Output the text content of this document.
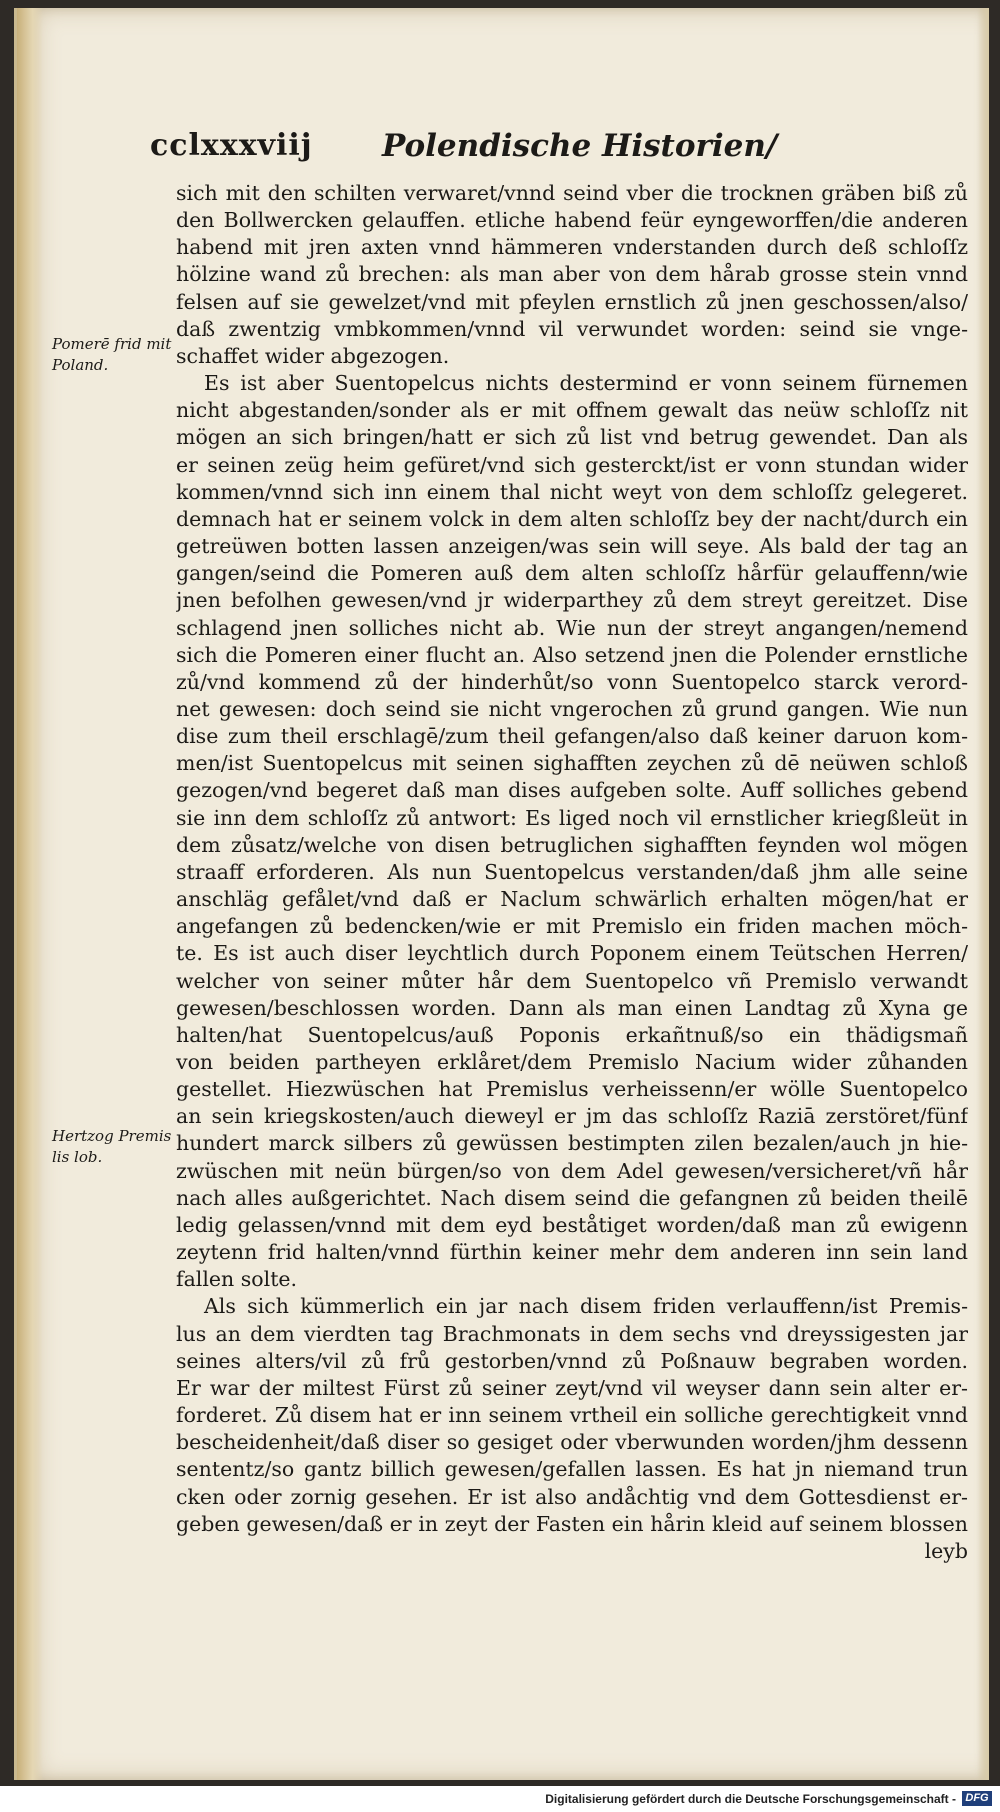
cclxxxviij Polendische Historien/
Pomerē frid mit Poland.
Hertzog Premis lis lob.
sich mit den schilten verwaret/vnnd seind vber die trocknen gräben biß zů
den Bollwercken gelauffen. etliche habend feür eyngeworffen/die anderen
habend mit jren axten vnnd hämmeren vnderstanden durch deß schloſſz
hölzine wand zů brechen: als man aber von dem hårab grosse stein vnnd
felsen auf sie gewelzet/vnd mit pfeylen ernstlich zů jnen geschossen/also/
daß zwentzig vmbkommen/vnnd vil verwundet worden: seind sie vnge-
schaffet wider abgezogen.
Es ist aber Suentopelcus nichts destermind er vonn seinem fürnemen
nicht abgestanden/sonder als er mit offnem gewalt das neüw schloſſz nit
mögen an sich bringen/hatt er sich zů list vnd betrug gewendet. Dan als
er seinen zeüg heim gefüret/vnd sich gesterckt/ist er vonn stundan wider
kommen/vnnd sich inn einem thal nicht weyt von dem schloſſz gelegeret.
demnach hat er seinem volck in dem alten schloſſz bey der nacht/durch ein
getreüwen botten lassen anzeigen/was sein will seye. Als bald der tag an
gangen/seind die Pomeren auß dem alten schloſſz hårfür gelauffenn/wie
jnen befolhen gewesen/vnd jr widerparthey zů dem streyt gereitzet. Dise
schlagend jnen solliches nicht ab. Wie nun der streyt angangen/nemend
sich die Pomeren einer flucht an. Also setzend jnen die Polender ernstliche
zů/vnd kommend zů der hinderhůt/so vonn Suentopelco starck verord-
net gewesen: doch seind sie nicht vngerochen zů grund gangen. Wie nun
dise zum theil erschlagē/zum theil gefangen/also daß keiner daruon kom-
men/ist Suentopelcus mit seinen sighafften zeychen zů dē neüwen schloß
gezogen/vnd begeret daß man dises aufgeben solte. Auff solliches gebend
sie inn dem schloſſz zů antwort: Es liged noch vil ernstlicher kriegßleüt in
dem zůsatz/welche von disen betruglichen sighafften feynden wol mögen
straaff erforderen. Als nun Suentopelcus verstanden/daß jhm alle seine
anschläg gefålet/vnd daß er Naclum schwärlich erhalten mögen/hat er
angefangen zů bedencken/wie er mit Premislo ein friden machen möch-
te. Es ist auch diser leychtlich durch Poponem einem Teütschen Herren/
welcher von seiner můter hår dem Suentopelco vñ Premislo verwandt
gewesen/beschlossen worden. Dann als man einen Landtag zů Xyna ge
halten/hat Suentopelcus/auß Poponis erkañtnuß/so ein thädigsmañ
von beiden partheyen erklåret/dem Premislo Nacium wider zůhanden
gestellet. Hiezwüschen hat Premislus verheissenn/er wölle Suentopelco
an sein kriegskosten/auch dieweyl er jm das schloſſz Raziā zerstöret/fünf
hundert marck silbers zů gewüssen bestimpten zilen bezalen/auch jn hie-
zwüschen mit neün bürgen/so von dem Adel gewesen/versicheret/vñ hår
nach alles außgerichtet. Nach disem seind die gefangnen zů beiden theilē
ledig gelassen/vnnd mit dem eyd beståtiget worden/daß man zů ewigenn
zeytenn frid halten/vnnd fürthin keiner mehr dem anderen inn sein land
fallen solte.
Als sich kümmerlich ein jar nach disem friden verlauffenn/ist Premis-
lus an dem vierdten tag Brachmonats in dem sechs vnd dreyssigesten jar
seines alters/vil zů frů gestorben/vnnd zů Poßnauw begraben worden.
Er war der miltest Fürst zů seiner zeyt/vnd vil weyser dann sein alter er-
forderet. Zů disem hat er inn seinem vrtheil ein solliche gerechtigkeit vnnd
bescheidenheit/daß diser so gesiget oder vberwunden worden/jhm dessenn
sententz/so gantz billich gewesen/gefallen lassen. Es hat jn niemand trun
cken oder zornig gesehen. Er ist also andåchtig vnd dem Gottesdienst er-
geben gewesen/daß er in zeyt der Fasten ein hårin kleid auf seinem blossen
leyb
Digitalisierung gefördert durch die Deutsche Forschungsgemeinschaft - DFG
